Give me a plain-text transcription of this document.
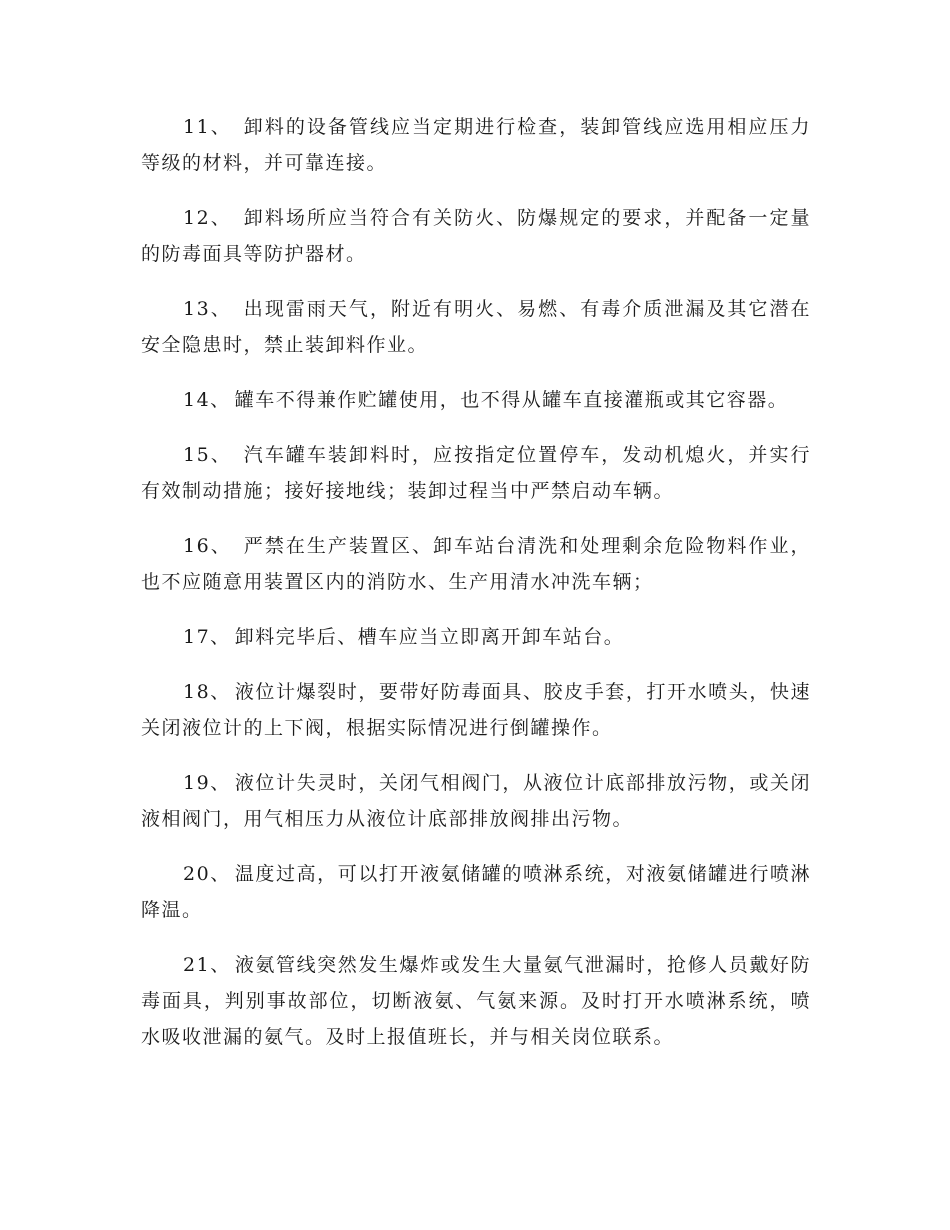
11、 卸料的设备管线应当定期进行检查，装卸管线应选用相应压力等级的材料，并可靠连接。

12、 卸料场所应当符合有关防火、防爆规定的要求，并配备一定量的防毒面具等防护器材。

13、 出现雷雨天气，附近有明火、易燃、有毒介质泄漏及其它潜在安全隐患时，禁止装卸料作业。

14、 罐车不得兼作贮罐使用，也不得从罐车直接灌瓶或其它容器。

15、 汽车罐车装卸料时，应按指定位置停车，发动机熄火，并实行有效制动措施；接好接地线；装卸过程当中严禁启动车辆。

16、 严禁在生产装置区、卸车站台清洗和处理剩余危险物料作业，也不应随意用装置区内的消防水、生产用清水冲洗车辆；

17、 卸料完毕后、槽车应当立即离开卸车站台。

18、 液位计爆裂时，要带好防毒面具、胶皮手套，打开水喷头，快速关闭液位计的上下阀，根据实际情况进行倒罐操作。

19、 液位计失灵时，关闭气相阀门，从液位计底部排放污物，或关闭液相阀门，用气相压力从液位计底部排放阀排出污物。

20、 温度过高，可以打开液氨储罐的喷淋系统，对液氨储罐进行喷淋降温。

21、 液氨管线突然发生爆炸或发生大量氨气泄漏时，抢修人员戴好防毒面具，判别事故部位，切断液氨、气氨来源。及时打开水喷淋系统，喷水吸收泄漏的氨气。及时上报值班长，并与相关岗位联系。
